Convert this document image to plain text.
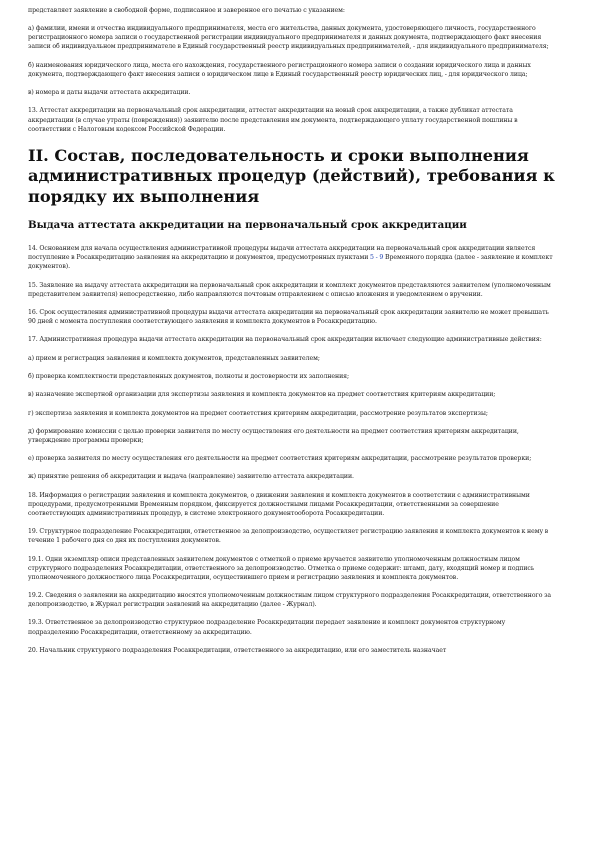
представляет заявление в свободной форме, подписанное и заверенное его печатью с указанием:
а) фамилии, имени и отчества индивидуального предпринимателя, места его жительства, данных документа, удостоверяющего личность, государственного регистрационного номера записи о государственной регистрации индивидуального предпринимателя и данных документа, подтверждающего факт внесения записи об индивидуальном предпринимателе в Единый государственный реестр индивидуальных предпринимателей, - для индивидуального предпринимателя;
б) наименования юридического лица, места его нахождения, государственного регистрационного номера записи о создании юридического лица и данных документа, подтверждающего факт внесения записи о юридическом лице в Единый государственный реестр юридических лиц, - для юридического лица;
в) номера и даты выдачи аттестата аккредитации.
13. Аттестат аккредитации на первоначальный срок аккредитации, аттестат аккредитации на новый срок аккредитации, а также дубликат аттестата аккредитации (в случае утраты (повреждения)) заявителю после представления им документа, подтверждающего уплату государственной пошлины в соответствии с Налоговым кодексом Российской Федерации.
II. Состав, последовательность и сроки выполнения административных процедур (действий), требования к порядку их выполнения
Выдача аттестата аккредитации на первоначальный срок аккредитации
14. Основанием для начала осуществления административной процедуры выдачи аттестата аккредитации на первоначальный срок аккредитации является поступление в Росаккредитацию заявления на аккредитацию и документов, предусмотренных пунктами 5 - 9 Временного порядка (далее - заявление и комплект документов).
15. Заявление на выдачу аттестата аккредитации на первоначальный срок аккредитации и комплект документов представляются заявителем (уполномоченным представителем заявителя) непосредственно, либо направляются почтовым отправлением с описью вложения и уведомлением о вручении.
16. Срок осуществления административной процедуры выдачи аттестата аккредитации на первоначальный срок аккредитации заявителю не может превышать 90 дней с момента поступления соответствующего заявления и комплекта документов в Росаккредитацию.
17. Административная процедура выдачи аттестата аккредитации на первоначальный срок аккредитации включает следующие административные действия:
а) прием и регистрация заявления и комплекта документов, представленных заявителем;
б) проверка комплектности представленных документов, полноты и достоверности их заполнения;
в) назначение экспертной организации для экспертизы заявления и комплекта документов на предмет соответствия критериям аккредитации;
г) экспертиза заявления и комплекта документов на предмет соответствия критериям аккредитации, рассмотрение результатов экспертизы;
д) формирование комиссии с целью проверки заявителя по месту осуществления его деятельности на предмет соответствия критериям аккредитации, утверждение программы проверки;
е) проверка заявителя по месту осуществления его деятельности на предмет соответствия критериям аккредитации, рассмотрение результатов проверки;
ж) принятие решения об аккредитации и выдача (направление) заявителю аттестата аккредитации.
18. Информация о регистрации заявления и комплекта документов, о движении заявления и комплекта документов в соответствии с административными процедурами, предусмотренными Временным порядком, фиксируется должностными лицами Росаккредитации, ответственными за совершение соответствующих административных процедур, в системе электронного документооборота Росаккредитации.
19. Структурное подразделение Росаккредитации, ответственное за делопроизводство, осуществляет регистрацию заявления и комплекта документов к нему в течение 1 рабочего дня со дня их поступления документов.
19.1. Одни экземпляр описи представленных заявителем документов с отметкой о приеме вручается заявителю уполномоченным должностным лицом структурного подразделения Росаккредитации, ответственного за делопроизводство. Отметка о приеме содержит: штамп, дату, входящий номер и подпись уполномоченного должностного лица Росаккредитации, осуществившего прием и регистрацию заявления и комплекта документов.
19.2. Сведения о заявлении на аккредитацию вносятся уполномоченным должностным лицом структурного подразделения Росаккредитации, ответственного за делопроизводство, в Журнал регистрации заявлений на аккредитацию (далее - Журнал).
19.3. Ответственное за делопроизводство структурное подразделение Росаккредитации передает заявление и комплект документов структурному подразделению Росаккредитации, ответственному за аккредитацию.
20. Начальник структурного подразделения Росаккредитации, ответственного за аккредитацию, или его заместитель назначает
